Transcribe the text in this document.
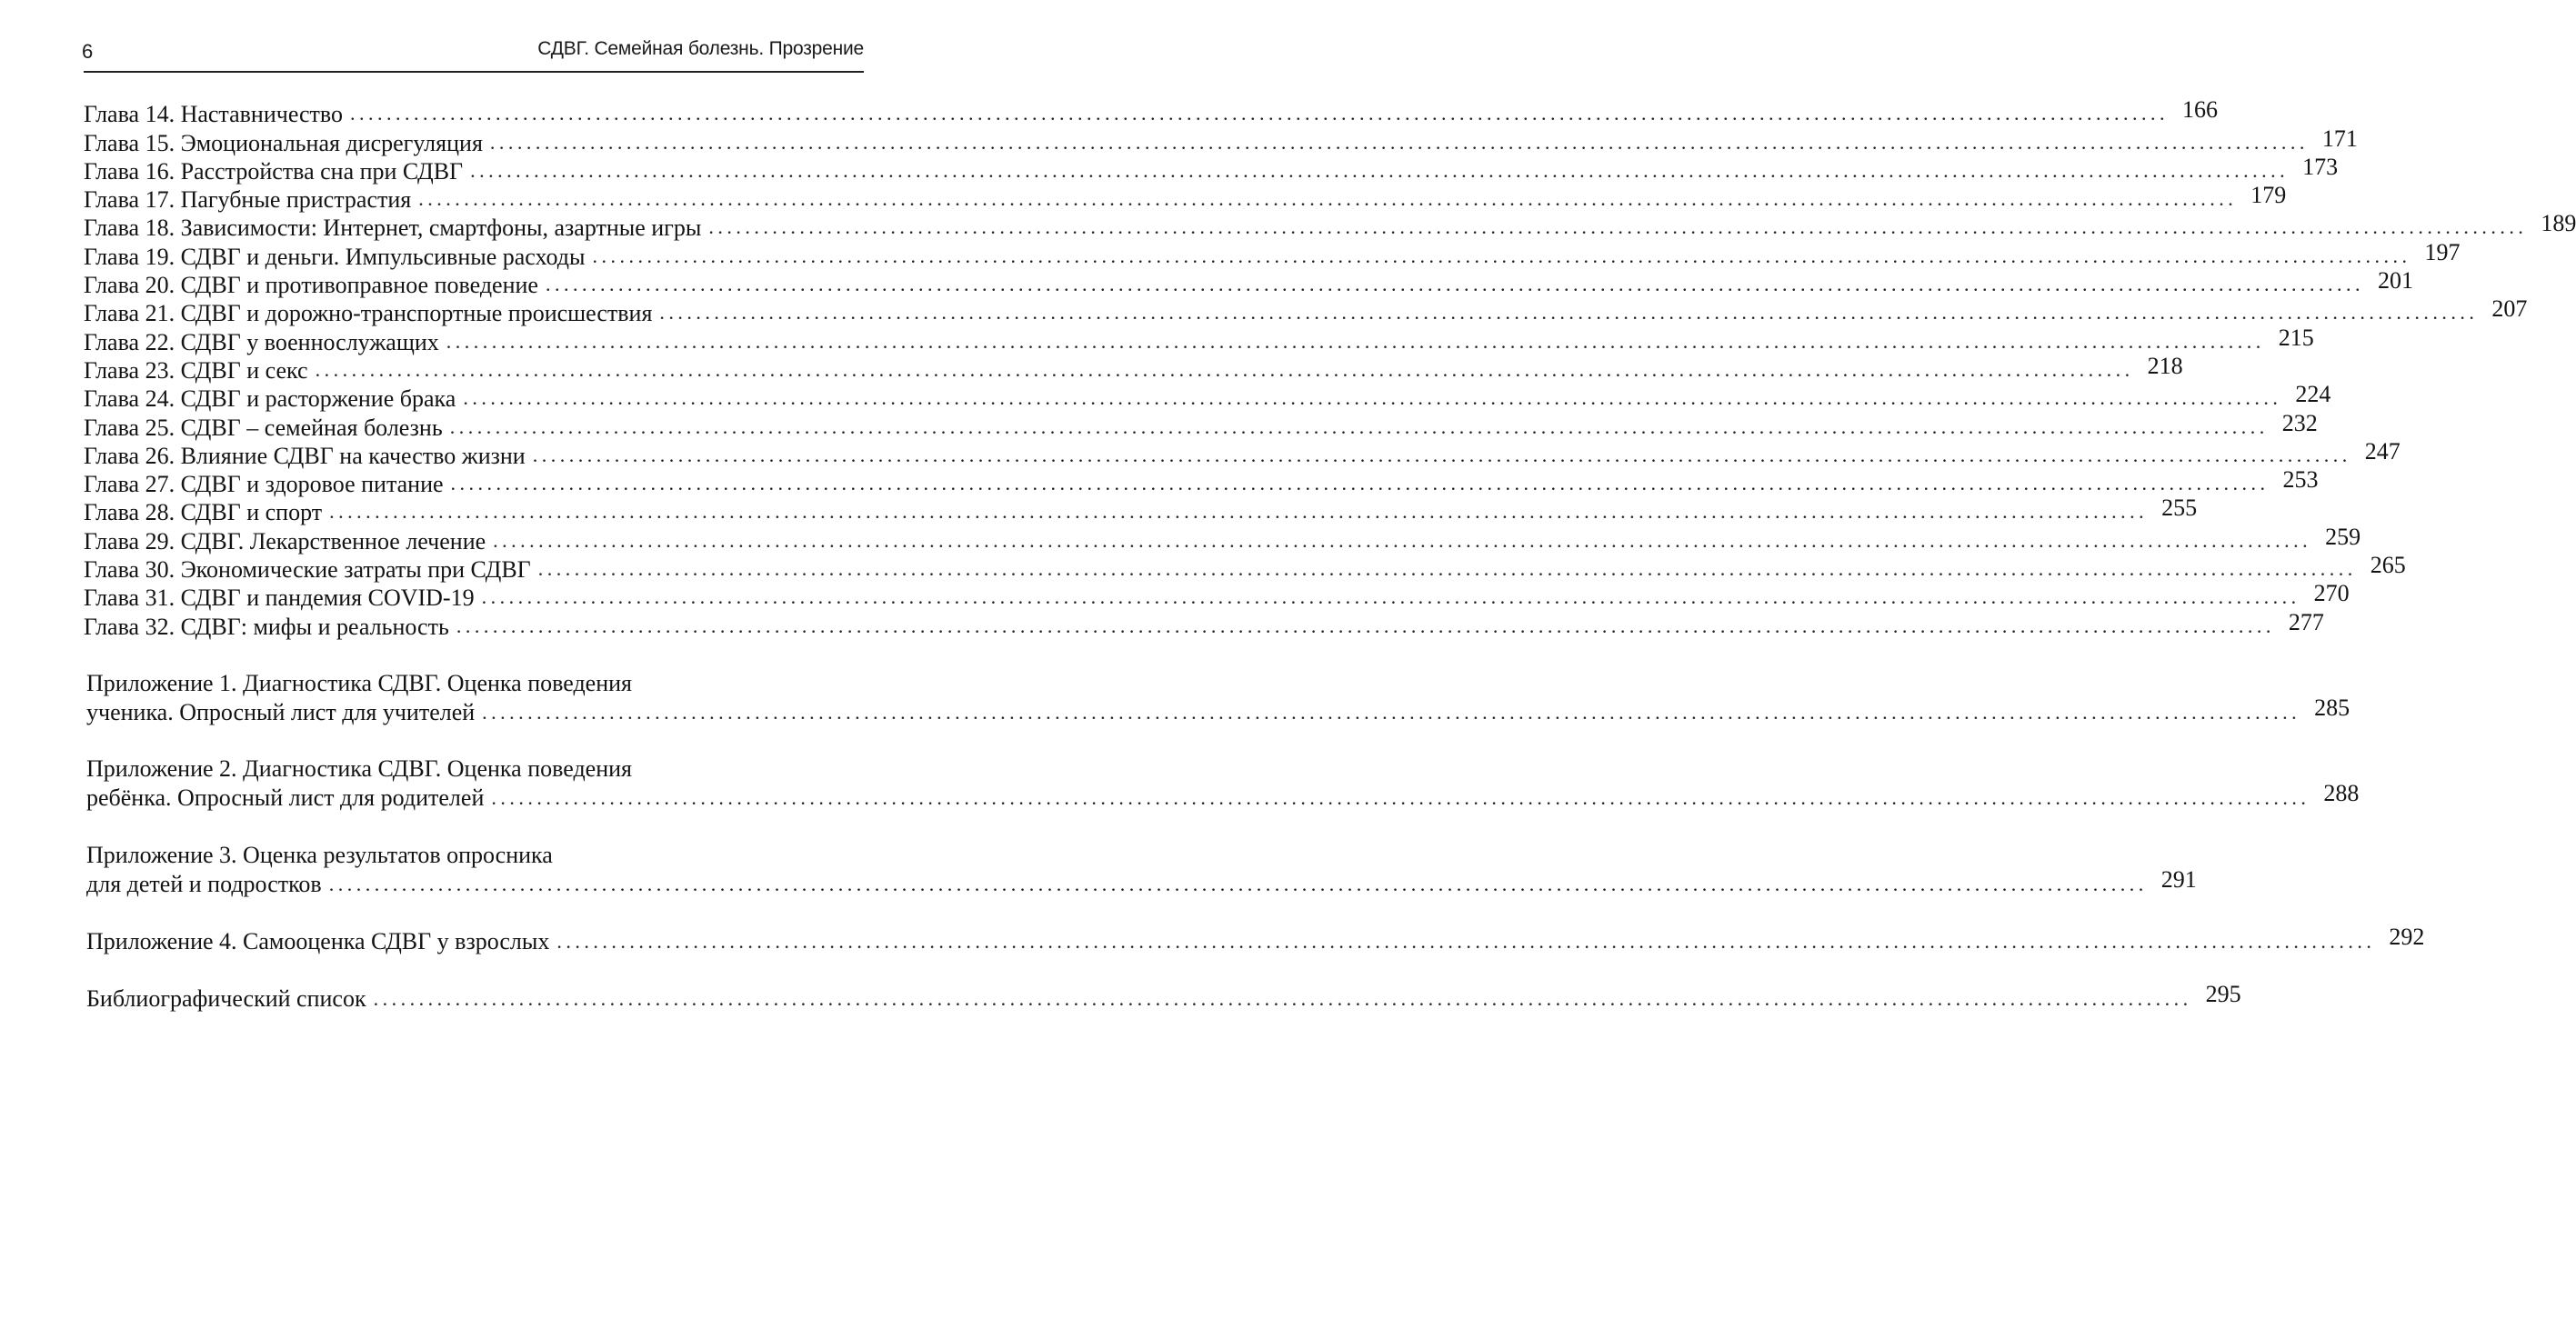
6	СДВГ. Семейная болезнь. Прозрение
Глава 14. Наставничество ........................................................................................................................................................................................................ 166
Глава 15. Эмоциональная дисрегуляция ........................................................................................................................................................................................................ 171
Глава 16. Расстройства сна при СДВГ ........................................................................................................................................................................................................ 173
Глава 17. Пагубные пристрастия ........................................................................................................................................................................................................ 179
Глава 18. Зависимости: Интернет, смартфоны, азартные игры ........................................................................................................................................................................................................ 189
Глава 19. СДВГ и деньги. Импульсивные расходы ........................................................................................................................................................................................................ 197
Глава 20. СДВГ и противоправное поведение ........................................................................................................................................................................................................ 201
Глава 21. СДВГ и дорожно-транспортные происшествия ........................................................................................................................................................................................................ 207
Глава 22. СДВГ у военнослужащих ........................................................................................................................................................................................................ 215
Глава 23. СДВГ и секс ........................................................................................................................................................................................................ 218
Глава 24. СДВГ и расторжение брака ........................................................................................................................................................................................................ 224
Глава 25. СДВГ – семейная болезнь ........................................................................................................................................................................................................ 232
Глава 26. Влияние СДВГ на качество жизни ........................................................................................................................................................................................................ 247
Глава 27. СДВГ и здоровое питание ........................................................................................................................................................................................................ 253
Глава 28. СДВГ и спорт ........................................................................................................................................................................................................ 255
Глава 29. СДВГ. Лекарственное лечение ........................................................................................................................................................................................................ 259
Глава 30. Экономические затраты при СДВГ ........................................................................................................................................................................................................ 265
Глава 31. СДВГ и пандемия COVID-19 ........................................................................................................................................................................................................ 270
Глава 32. СДВГ: мифы и реальность ........................................................................................................................................................................................................ 277
Приложение 1. Диагностика СДВГ. Оценка поведения
ученика. Опросный лист для учителей ........................................................................................................................................................................................................ 285
Приложение 2. Диагностика СДВГ. Оценка поведения
ребёнка. Опросный лист для родителей ........................................................................................................................................................................................................ 288
Приложение 3. Оценка результатов опросника
для детей и подростков ........................................................................................................................................................................................................ 291
Приложение 4. Самооценка СДВГ у взрослых ........................................................................................................................................................................................................ 292
Библиографический список ........................................................................................................................................................................................................ 295
